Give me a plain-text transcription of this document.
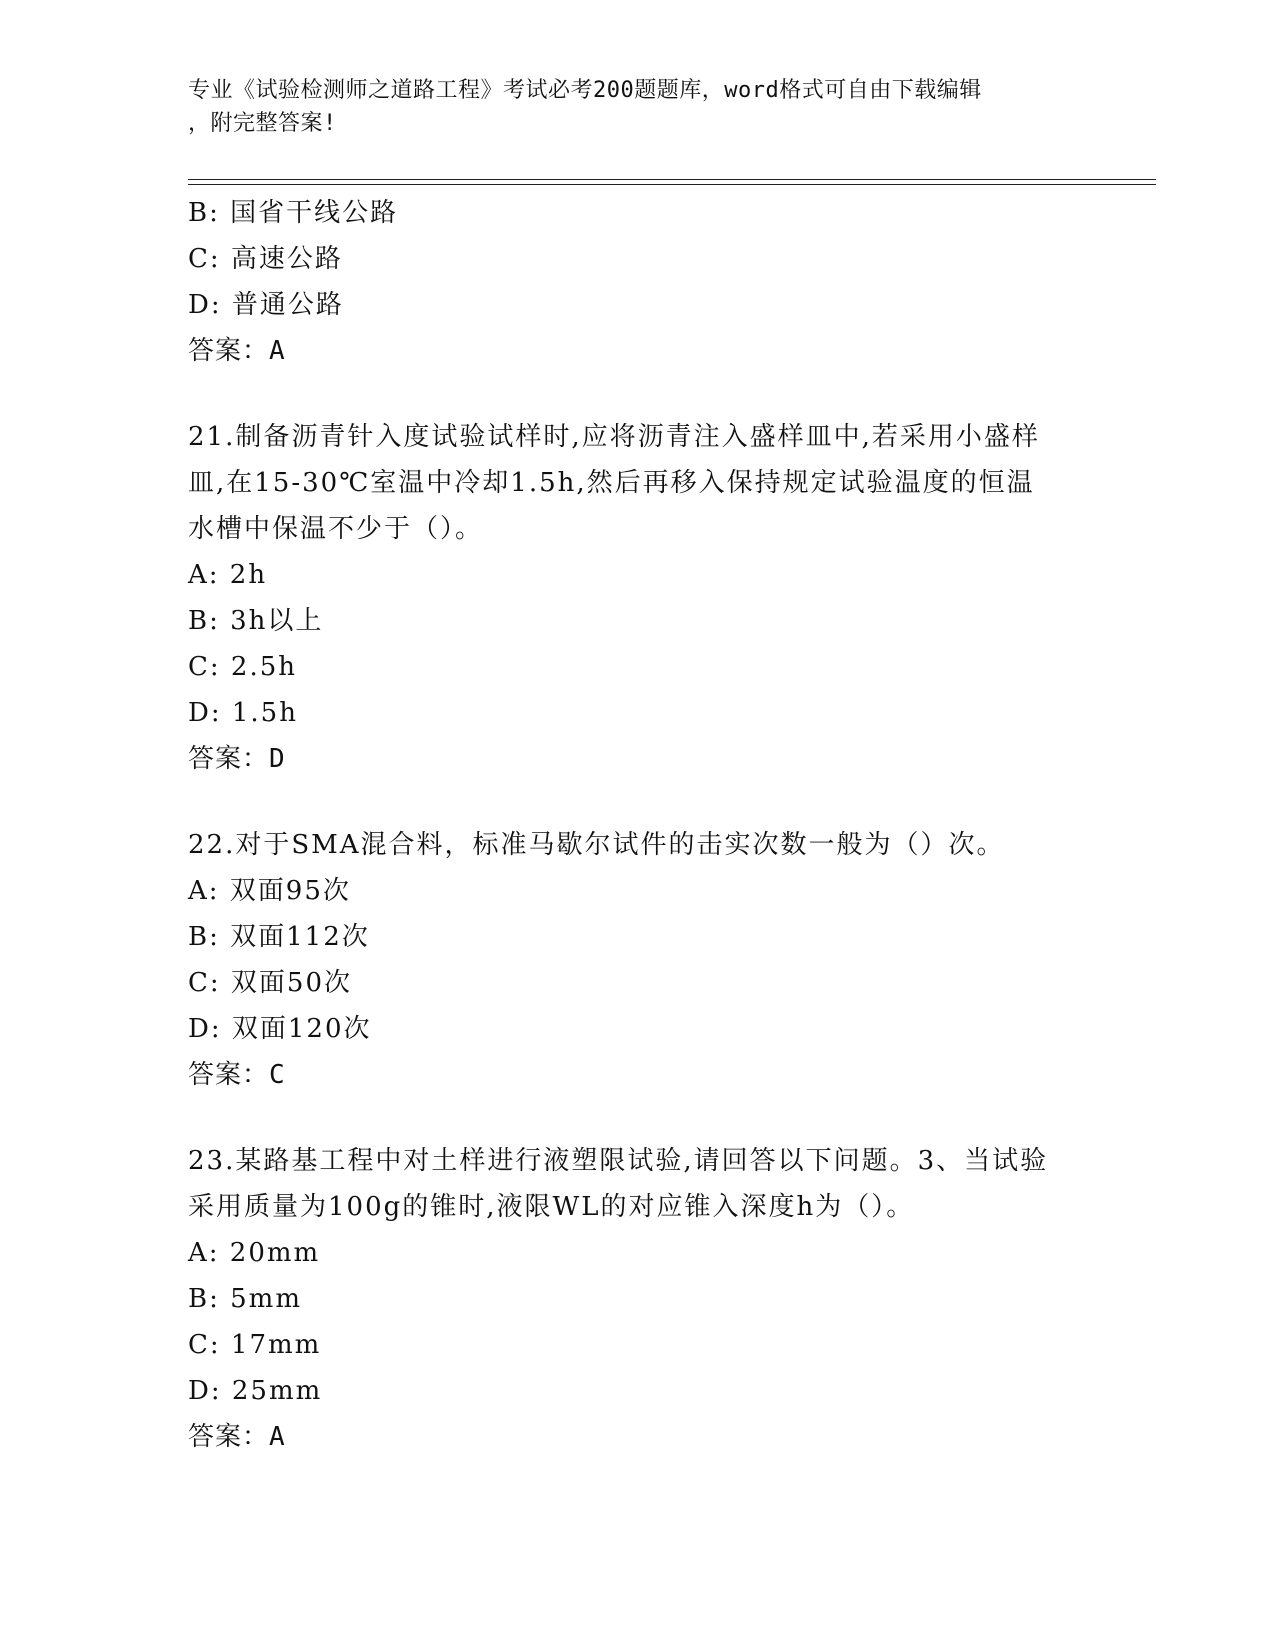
专业《试验检测师之道路工程》考试必考200题题库，word格式可自由下载编辑
，附完整答案!
B: 国省干线公路
C: 高速公路
D: 普通公路
答案：A
21.制备沥青针入度试验试样时,应将沥青注入盛样皿中,若采用小盛样
皿,在15-30℃室温中冷却1.5h,然后再移入保持规定试验温度的恒温
水槽中保温不少于（）。
A: 2h
B: 3h以上
C: 2.5h
D: 1.5h
答案：D
22.对于SMA混合料，标准马歇尔试件的击实次数一般为（）次。
A: 双面95次
B: 双面112次
C: 双面50次
D: 双面120次
答案：C
23.某路基工程中对土样进行液塑限试验,请回答以下问题。3、当试验
采用质量为100g的锥时,液限WL的对应锥入深度h为（）。
A: 20mm
B: 5mm
C: 17mm
D: 25mm
答案：A
